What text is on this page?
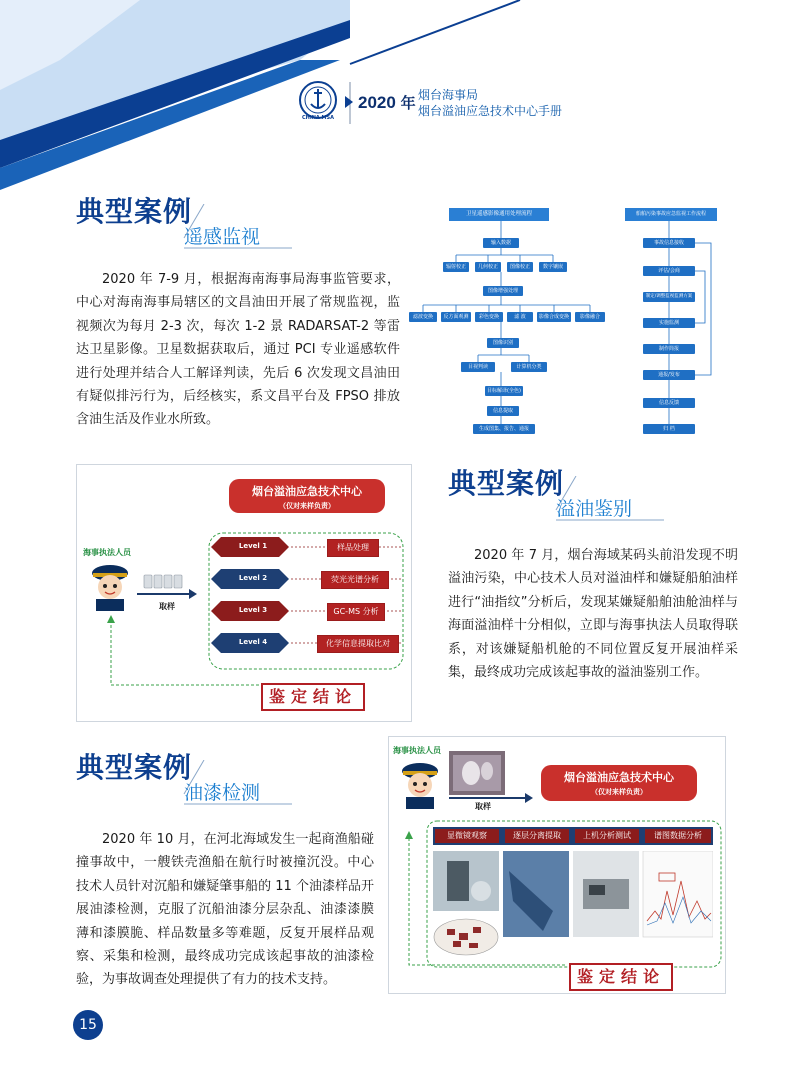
CHINA MSA
2020 年 烟台海事局
烟台溢油应急技术中心手册
典型案例
遥感监视

2020 年 7-9 月，根据海南海事局海事监管要求，中心对海南海事局辖区的文昌油田开展了常规监视，监视频次为每月 2-3 次，每次 1-2 景 RADARSAT-2 等雷达卫星影像。卫星数据获取后，通过 PCI 专业遥感软件进行处理并结合人工解译判读，先后 6 次发现文昌油田有疑似排污行为，后经核实，系文昌平台及 FPSO 排放含油生活及作业水所致。

卫星遥感影像通用处理流程
输入数据
辐射校正	几何校正	图像校正	数字镶嵌
图像增强处理
滤波变换	反方面观测	彩色变换	滤 波	影像合成变换	影像融合
图像识别
目视判读	计算机分类
目标解译(全色)
信息提取
生成图集、报告、通报
船舶污染事故应急监视工作流程
事故信息接收
评估/会商
制定/调整监视监测方案
实施监测
制作简报
通报/发布
信息反馈
归 档
烟台溢油应急技术中心
（仅对来样负责）
海事执法人员
取样
Level 1
Level 2
Level 3
Level 4
样品处理
荧光光谱分析
GC-MS 分析
化学信息提取比对
鉴定结论
典型案例
溢油鉴别

2020 年 7 月，烟台海域某码头前沿发现不明溢油污染，中心技术人员对溢油样和嫌疑船舶油样进行“油指纹”分析后，发现某嫌疑船舶油舱油样与海面溢油样十分相似，立即与海事执法人员取得联系，对该嫌疑船机舱的不同位置反复开展油样采集，最终成功完成该起事故的溢油鉴别工作。

典型案例
油漆检测

2020 年 10 月，在河北海域发生一起商渔船碰撞事故中，一艘铁壳渔船在航行时被撞沉没。中心技术人员针对沉船和嫌疑肇事船的 11 个油漆样品开展油漆检测，克服了沉船油漆分层杂乱、油漆漆膜薄和漆膜脆、样品数量多等难题，反复开展样品观察、采集和检测，最终成功完成该起事故的油漆检验，为事故调查处理提供了有力的技术支持。

海事执法人员
取样
烟台溢油应急技术中心
（仅对来样负责）
显微镜观察	逐层分离提取	上机分析测试	谱图数据分析
鉴定结论
15
